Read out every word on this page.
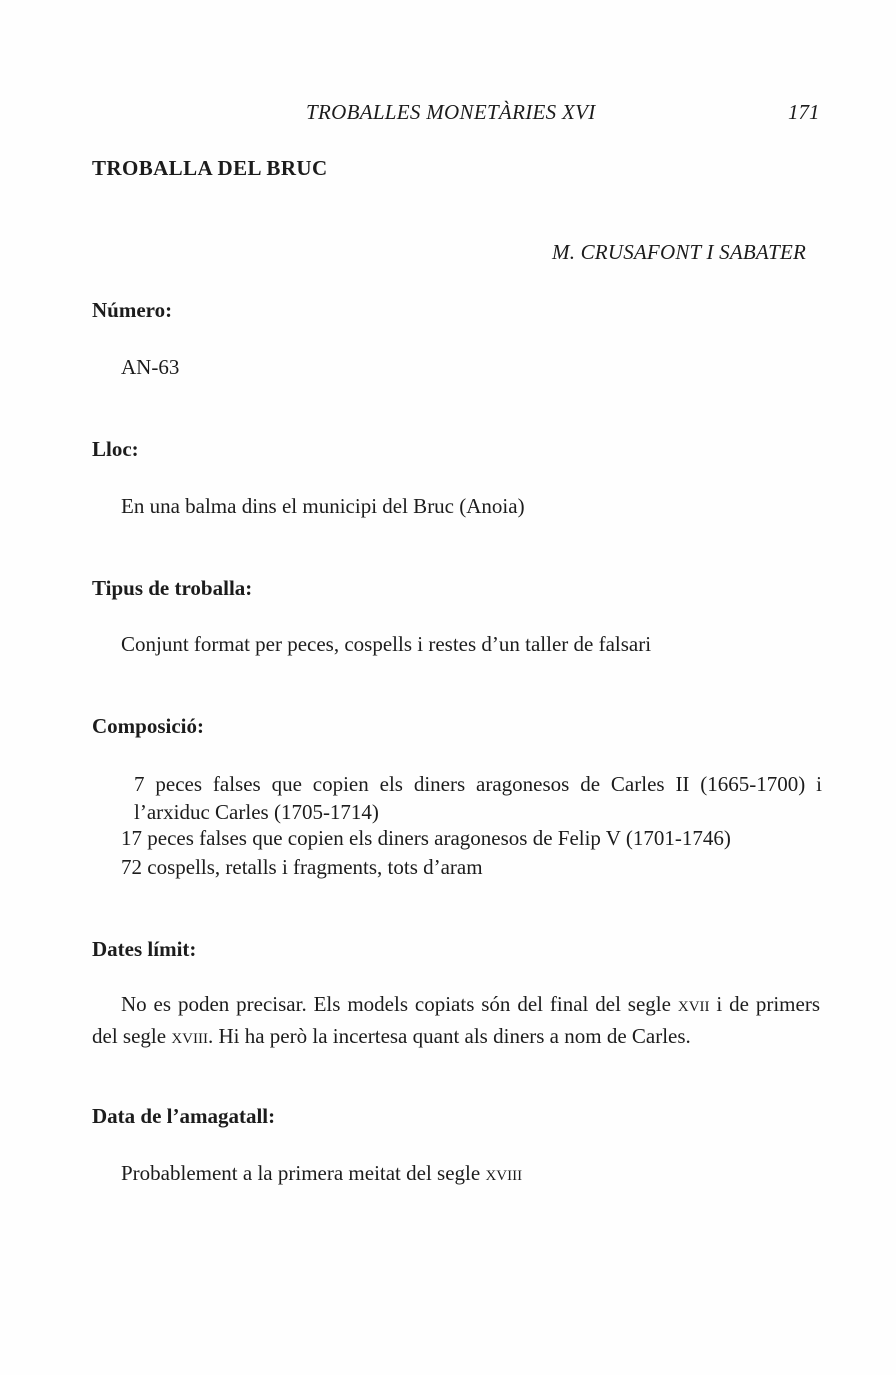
TROBALLES MONETÀRIES XVI	171
TROBALLA DEL BRUC
M. CRUSAFONT I SABATER
Número:
AN-63
Lloc:
En una balma dins el municipi del Bruc (Anoia)
Tipus de troballa:
Conjunt format per peces, cospells i restes d’un taller de falsari
Composició:
7 peces falses que copien els diners aragonesos de Carles II (1665-1700) i
l’arxiduc Carles (1705-1714)
17 peces falses que copien els diners aragonesos de Felip V (1701-1746)
72 cospells, retalls i fragments, tots d’aram
Dates límit:
No es poden precisar. Els models copiats són del final del segle xvii i de primers del segle xviii. Hi ha però la incertesa quant als diners a nom de Carles.
Data de l’amagatall:
Probablement a la primera meitat del segle xviii
